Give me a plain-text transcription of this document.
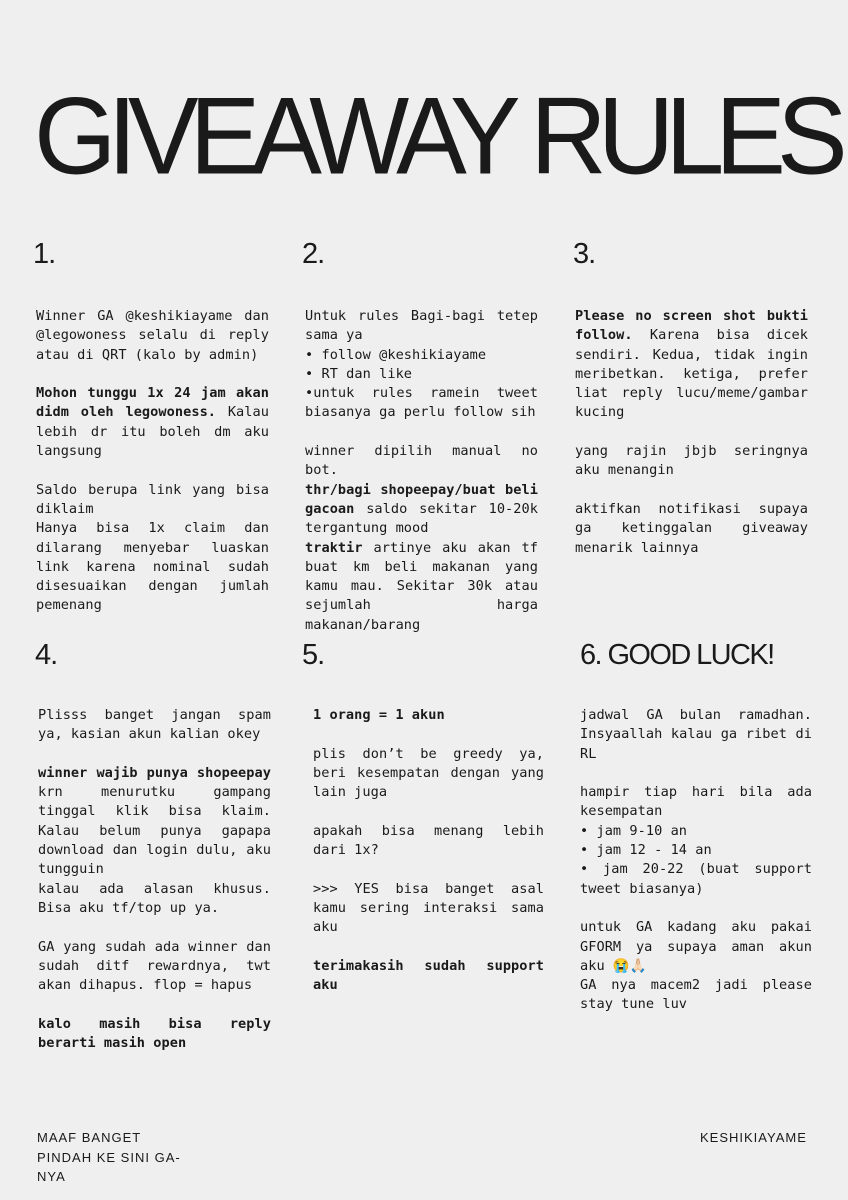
GIVEAWAY RULES
1.	2.	3.
4.	5.	6. GOOD LUCK!

Winner GA @keshikiayame dan @legowoness selalu di reply atau di QRT (kalo by admin)

Mohon tunggu 1x 24 jam akan didm oleh legowoness. Kalau lebih dr itu boleh dm aku langsung

Saldo berupa link yang bisa diklaim
Hanya bisa 1x claim dan dilarang menyebar luaskan link karena nominal sudah disesuaikan dengan jumlah pemenang

Untuk rules Bagi-bagi tetep sama ya
• follow @keshikiayame
• RT dan like
•untuk rules ramein tweet biasanya ga perlu follow sih

winner dipilih manual no bot.
thr/bagi shopeepay/buat beli gacoan saldo sekitar 10-20k tergantung mood
traktir artinye aku akan tf buat km beli makanan yang kamu mau. Sekitar 30k atau sejumlah harga makanan/barang

Please no screen shot bukti follow. Karena bisa dicek sendiri. Kedua, tidak ingin meribetkan. ketiga, prefer liat reply lucu/meme/gambar kucing

yang rajin jbjb seringnya aku menangin

aktifkan notifikasi supaya ga ketinggalan giveaway menarik lainnya

Plisss banget jangan spam ya, kasian akun kalian okey

winner wajib punya shopeepay krn menurutku gampang tinggal klik bisa klaim. Kalau belum punya gapapa download dan login dulu, aku tungguin
kalau ada alasan khusus. Bisa aku tf/top up ya.

GA yang sudah ada winner dan sudah ditf rewardnya, twt akan dihapus. flop = hapus

kalo masih bisa reply berarti masih open

1 orang = 1 akun

plis don’t be greedy ya, beri kesempatan dengan yang lain juga

apakah bisa menang lebih dari 1x?

>>> YES bisa banget asal kamu sering interaksi sama aku

terimakasih sudah support aku

jadwal GA bulan ramadhan. Insyaallah kalau ga ribet di RL

hampir tiap hari bila ada kesempatan
• jam 9-10 an
• jam 12 - 14 an
• jam 20-22 (buat support tweet biasanya)

untuk GA kadang aku pakai GFORM ya supaya aman akun aku 😭🙏🏻
GA nya macem2 jadi please stay tune luv

MAAF BANGET PINDAH KE SINI GA-NYA
KESHIKIAYAME
